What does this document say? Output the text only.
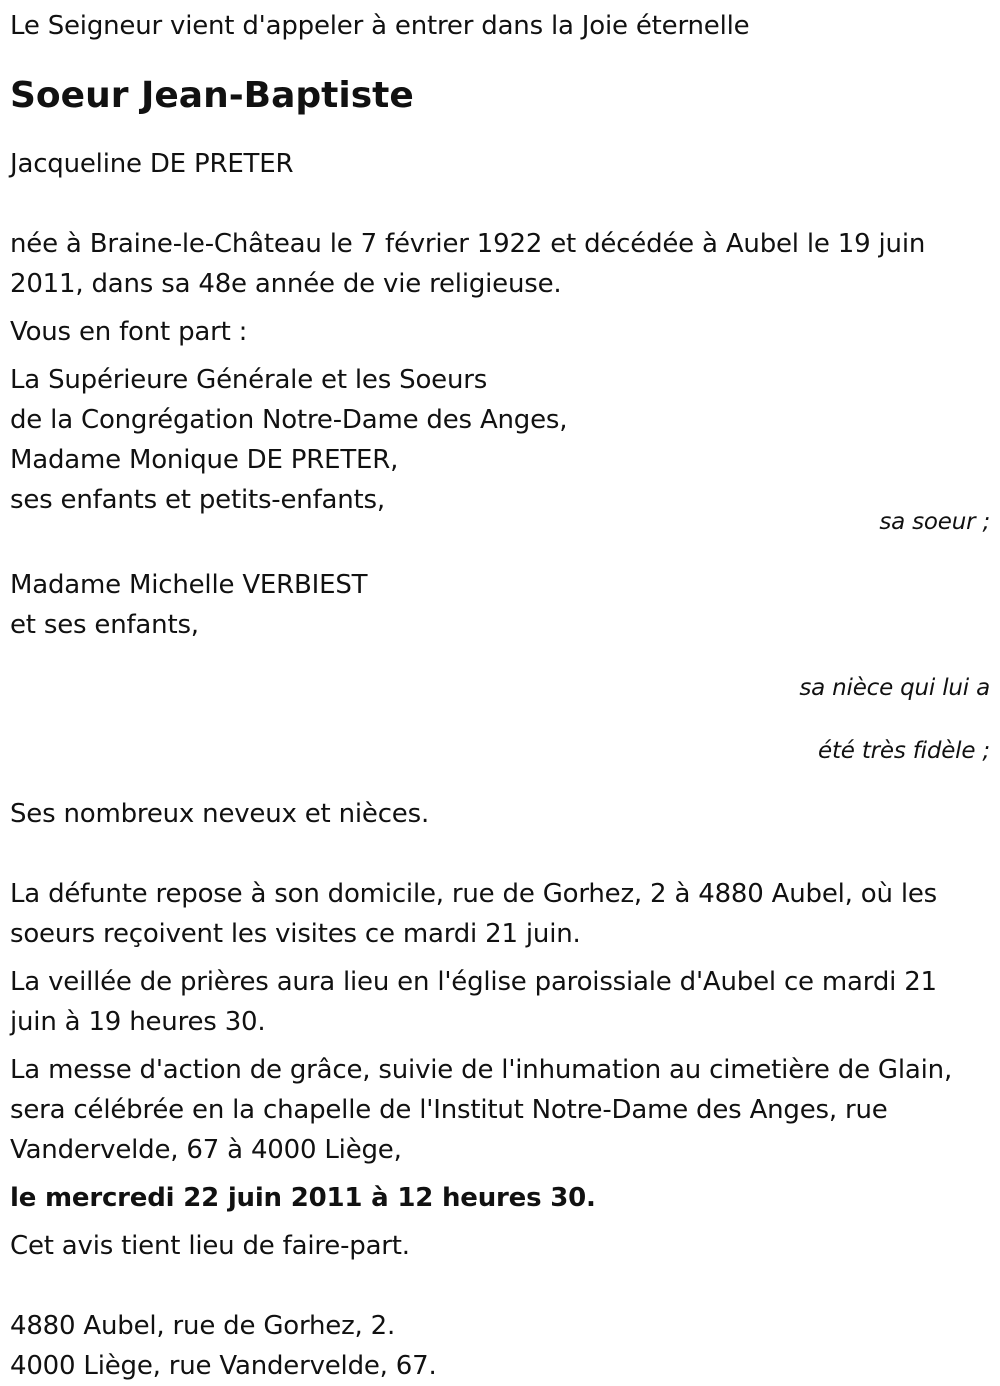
Le Seigneur vient d'appeler à entrer dans la Joie éternelle

Soeur Jean-Baptiste

Jacqueline DE PRETER

née à Braine-le-Château le 7 février 1922 et décédée à Aubel le 19 juin 2011, dans sa 48e année de vie religieuse.

Vous en font part :

La Supérieure Générale et les Soeurs

de la Congrégation Notre-Dame des Anges,

Madame Monique DE PRETER,

ses enfants et petits-enfants,

sa soeur ;

Madame Michelle VERBIEST

et ses enfants,

sa nièce qui lui a

été très fidèle ;

Ses nombreux neveux et nièces.

La défunte repose à son domicile, rue de Gorhez, 2 à 4880 Aubel, où les soeurs reçoivent les visites ce mardi 21 juin.

La veillée de prières aura lieu en l'église paroissiale d'Aubel ce mardi 21 juin à 19 heures 30.

La messe d'action de grâce, suivie de l'inhumation au cimetière de Glain, sera célébrée en la chapelle de l'Institut Notre-Dame des Anges, rue Vandervelde, 67 à 4000 Liège,

le mercredi 22 juin 2011 à 12 heures 30.

Cet avis tient lieu de faire-part.

4880 Aubel, rue de Gorhez, 2.

4000 Liège, rue Vandervelde, 67.
